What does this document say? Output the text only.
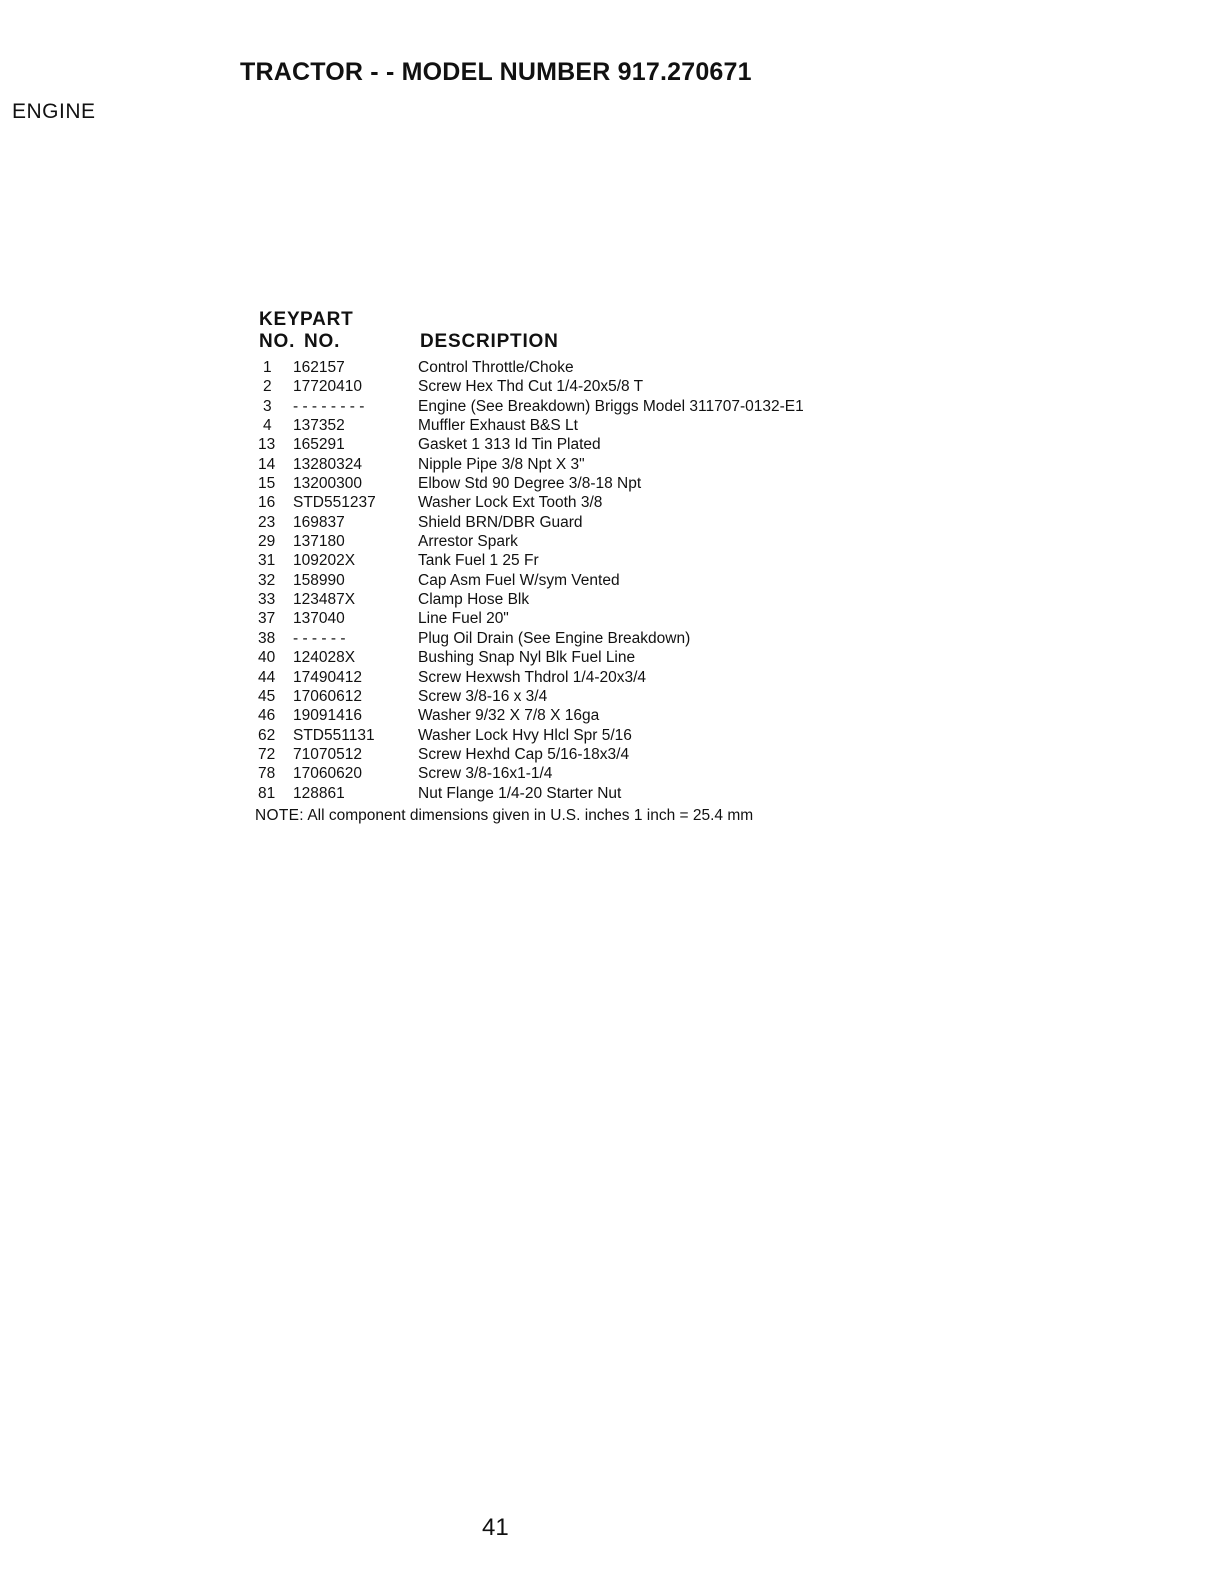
TRACTOR - - MODEL NUMBER 917.270671
ENGINE
KEY PART
NO. NO.	DESCRIPTION
1	162157	Control Throttle/Choke
2	17720410	Screw Hex Thd Cut 1/4-20x5/8 T
3	- - - - - - - -	Engine (See Breakdown) Briggs Model 311707-0132-E1
4	137352	Muffler Exhaust B&S Lt
13	165291	Gasket 1 313 Id Tin Plated
14	13280324	Nipple Pipe 3/8 Npt X 3"
15	13200300	Elbow Std 90 Degree 3/8-18 Npt
16	STD551237	Washer Lock Ext Tooth 3/8
23	169837	Shield BRN/DBR Guard
29	137180	Arrestor Spark
31	109202X	Tank Fuel 1 25 Fr
32	158990	Cap Asm Fuel W/sym Vented
33	123487X	Clamp Hose Blk
37	137040	Line Fuel 20"
38	- - - - - -	Plug Oil Drain (See Engine Breakdown)
40	124028X	Bushing Snap Nyl Blk Fuel Line
44	17490412	Screw Hexwsh Thdrol 1/4-20x3/4
45	17060612	Screw 3/8-16 x 3/4
46	19091416	Washer 9/32 X 7/8 X 16ga
62	STD551131	Washer Lock Hvy Hlcl Spr 5/16
72	71070512	Screw Hexhd Cap 5/16-18x3/4
78	17060620	Screw 3/8-16x1-1/4
81	128861	Nut Flange 1/4-20 Starter Nut
NOTE: All component dimensions given in U.S. inches 1 inch = 25.4 mm
41
